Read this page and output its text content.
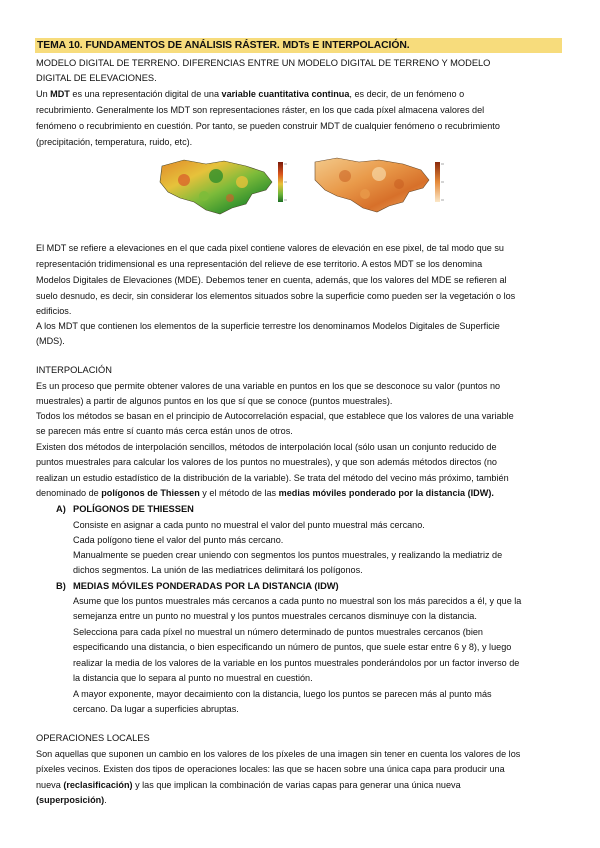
TEMA 10. FUNDAMENTOS DE ANÁLISIS RÁSTER. MDTs E INTERPOLACIÓN.
MODELO DIGITAL DE TERRENO. DIFERENCIAS ENTRE UN MODELO DIGITAL DE TERRENO Y MODELO
DIGITAL DE ELEVACIONES.
Un MDT es una representación digital de una variable cuantitativa continua, es decir, de un fenómeno o
recubrimiento. Generalmente los MDT son representaciones ráster, en los que cada píxel almacena valores del
fenómeno o recubrimiento en cuestión. Por tanto, se pueden construir MDT de cualquier fenómeno o recubrimiento
(precipitación, temperatura, ruido, etc).
El MDT se refiere a elevaciones en el que cada pixel contiene valores de elevación en ese pixel, de tal modo que su
representación tridimensional es una representación del relieve de ese territorio. A estos MDT se los denomina
Modelos Digitales de Elevaciones (MDE). Debemos tener en cuenta, además, que los valores del MDE se refieren al
suelo desnudo, es decir, sin considerar los elementos situados sobre la superficie como pueden ser la vegetación o los
edificios.
A los MDT que contienen los elementos de la superficie terrestre los denominamos Modelos Digitales de Superficie
(MDS).
INTERPOLACIÓN
Es un proceso que permite obtener valores de una variable en puntos en los que se desconoce su valor (puntos no
muestrales) a partir de algunos puntos en los que sí que se conoce (puntos muestrales).
Todos los métodos se basan en el principio de Autocorrelación espacial, que establece que los valores de una variable
se parecen más entre sí cuanto más cerca están unos de otros.
Existen dos métodos de interpolación sencillos, métodos de interpolación local (sólo usan un conjunto reducido de
puntos muestrales para calcular los valores de los puntos no muestrales), y que son además métodos directos (no
realizan un estudio estadístico de la distribución de la variable). Se trata del método del vecino más próximo, también
denominado de polígonos de Thiessen y el método de las medias móviles ponderado por la distancia (IDW).
A) POLÍGONOS DE THIESSEN
Consiste en asignar a cada punto no muestral el valor del punto muestral más cercano.
Cada polígono tiene el valor del punto más cercano.
Manualmente se pueden crear uniendo con segmentos los puntos muestrales, y realizando la mediatriz de
dichos segmentos. La unión de las mediatrices delimitará los polígonos.
B) MEDIAS MÓVILES PONDERADAS POR LA DISTANCIA (IDW)
Asume que los puntos muestrales más cercanos a cada punto no muestral son los más parecidos a él, y que la
semejanza entre un punto no muestral y los puntos muestrales cercanos disminuye con la distancia.
Selecciona para cada píxel no muestral un número determinado de puntos muestrales cercanos (bien
especificando una distancia, o bien especificando un número de puntos, que suele estar entre 6 y 8), y luego
realizar la media de los valores de la variable en los puntos muestrales ponderándolos por un factor inverso de
la distancia que lo separa al punto no muestral en cuestión.
A mayor exponente, mayor decaimiento con la distancia, luego los puntos se parecen más al punto más
cercano. Da lugar a superficies abruptas.
OPERACIONES LOCALES
Son aquellas que suponen un cambio en los valores de los píxeles de una imagen sin tener en cuenta los valores de los
píxeles vecinos. Existen dos tipos de operaciones locales: las que se hacen sobre una única capa para producir una
nueva (reclasificación) y las que implican la combinación de varias capas para generar una única nueva
(superposición).
